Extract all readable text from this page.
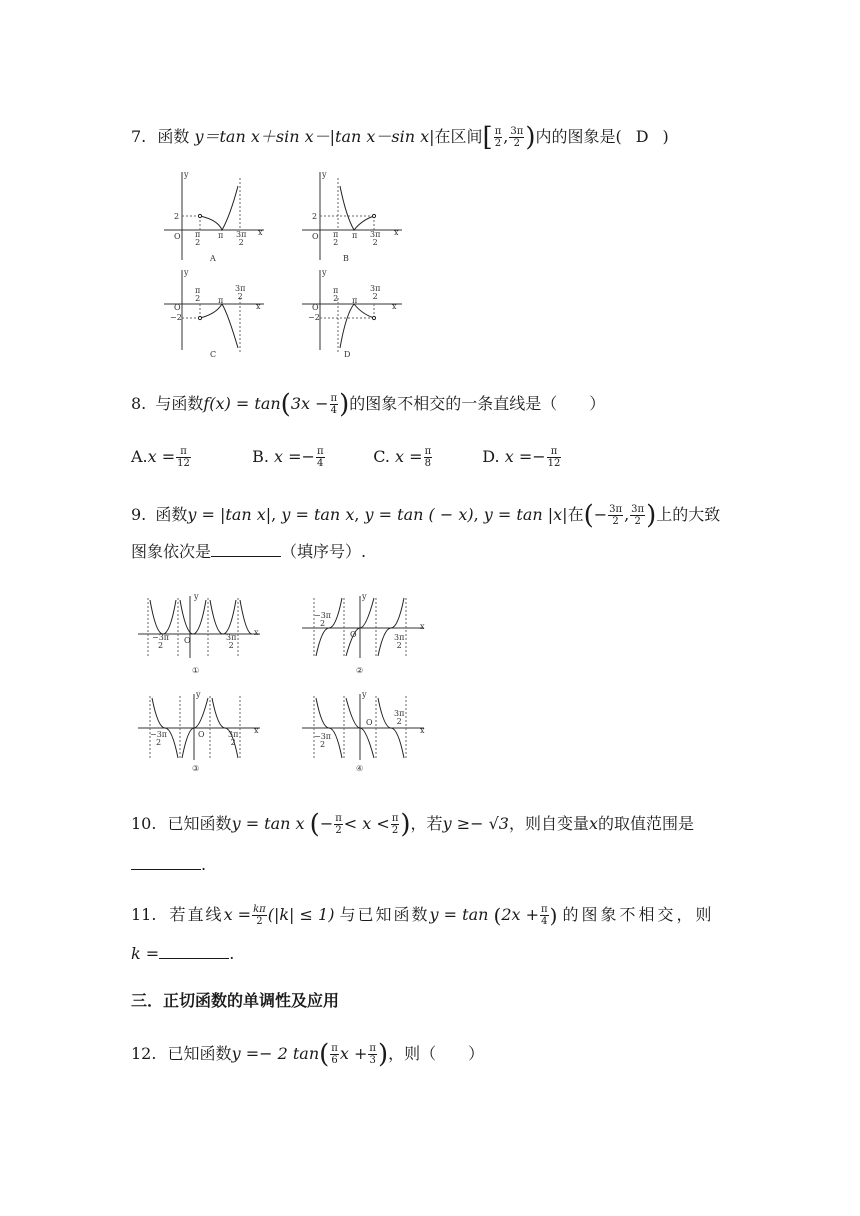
7. 函数 y＝tan x＋sin x－|tan x－sin x|在区间[ $\frac{\pi}{2}$ , $\frac{3\pi}{2}$ )内的图象是( D )
y
2
O π
2
π 3π
2
x
A
y
2
O π
2
π 3π
2
x
B
y
π
2
3π
2
O
π
x
−2
C
y
π
2
3π
2
O
π
x
−2
D
8. 与函数$f(x) = \tan(3x - \frac{\pi}{4}$ )的图象不相交的一条直线是（　　）
$A.x = \frac{\pi}{12}$	B. $x =- \frac{\pi}{4}$	C. $x = \frac{\pi}{8}$	D. $x =- \frac{\pi}{12}$
9. 函数y = |tan x|, y = tan x, y = tan ( − x), y = tan |x|在(− $\frac{3\pi}{2}$ , $\frac{3\pi}{2}$ )上的大致
图象依次是	（填序号）.
y
O
−3π
2
3π
2
x
①
y
−3π
2
O	3π
2
x
②
y
−3π
2
O	3π
2
x
③
y
O
3π
2
−3π
2
x
④
10. 已知函数y = tan x (− $\frac{\pi}{2} < x < \frac{\pi}{2}$ )，若y ≥− √3，则自变量x的取值范围是
.
11. 若直线$x = \frac{k\pi}{2} (|k| \le 1)$ 与已知函数$y = \tan (2x + \frac{\pi}{4}$ ) 的图象不相交，则
k =	.
三．正切函数的单调性及应用
12. 已知函数y =− 2 $\tan( \frac{\pi}{6}$ $x + \frac{\pi}{3}$ )，则（　　）
